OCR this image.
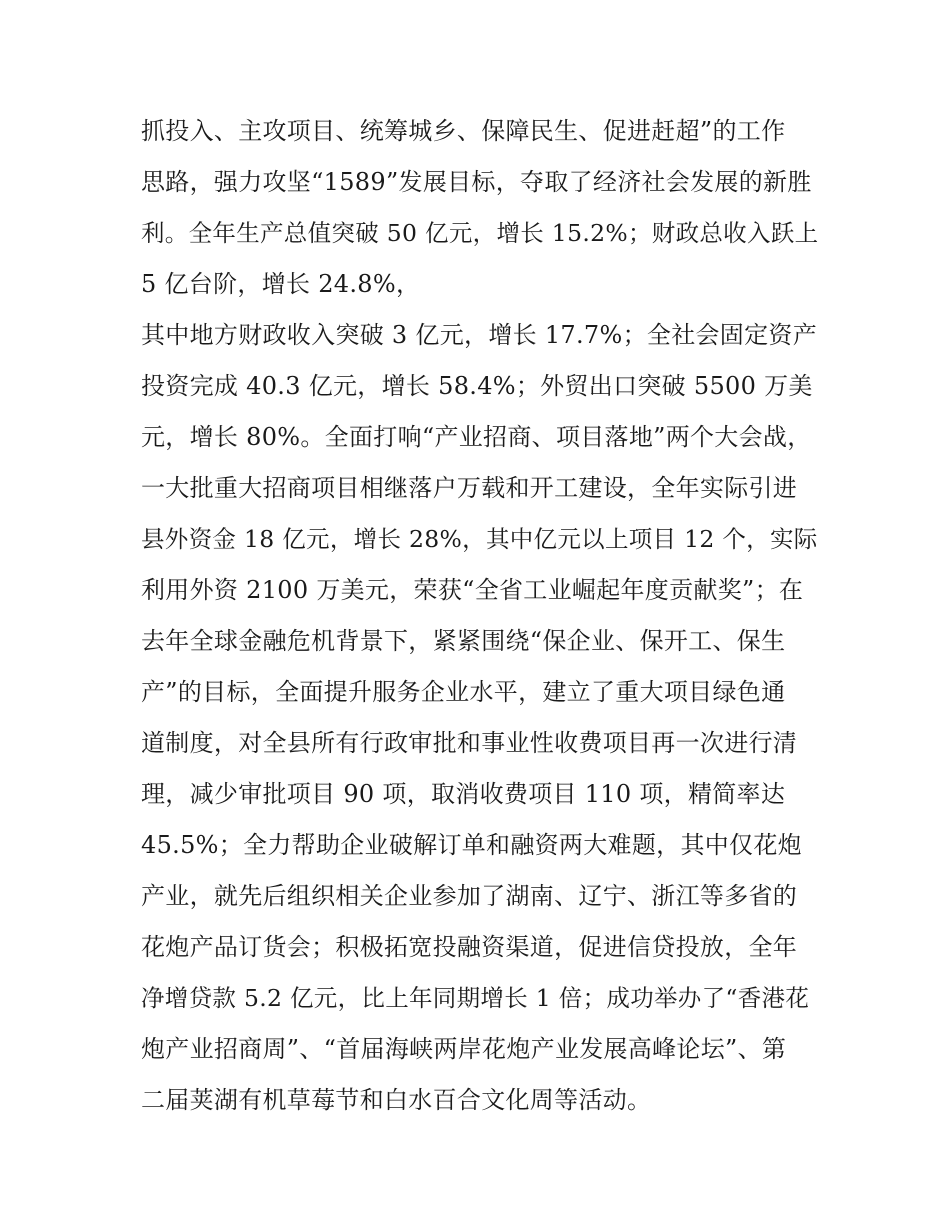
抓投入、主攻项目、统筹城乡、保障民生、促进赶超”的工作
思路，强力攻坚“1589”发展目标，夺取了经济社会发展的新胜
利。全年生产总值突破 50 亿元，增长 15.2%；财政总收入跃上
5 亿台阶，增长 24.8%，
其中地方财政收入突破 3 亿元，增长 17.7%；全社会固定资产
投资完成 40.3 亿元，增长 58.4%；外贸出口突破 5500 万美
元，增长 80%。全面打响“产业招商、项目落地”两个大会战，
一大批重大招商项目相继落户万载和开工建设，全年实际引进
县外资金 18 亿元，增长 28%，其中亿元以上项目 12 个，实际
利用外资 2100 万美元，荣获“全省工业崛起年度贡献奖”；在
去年全球金融危机背景下，紧紧围绕“保企业、保开工、保生
产”的目标，全面提升服务企业水平，建立了重大项目绿色通
道制度，对全县所有行政审批和事业性收费项目再一次进行清
理，减少审批项目 90 项，取消收费项目 110 项，精简率达
45.5%；全力帮助企业破解订单和融资两大难题，其中仅花炮
产业，就先后组织相关企业参加了湖南、辽宁、浙江等多省的
花炮产品订货会；积极拓宽投融资渠道，促进信贷投放，全年
净增贷款 5.2 亿元，比上年同期增长 1 倍；成功举办了“香港花
炮产业招商周”、“首届海峡两岸花炮产业发展高峰论坛”、第
二届荚湖有机草莓节和白水百合文化周等活动。
